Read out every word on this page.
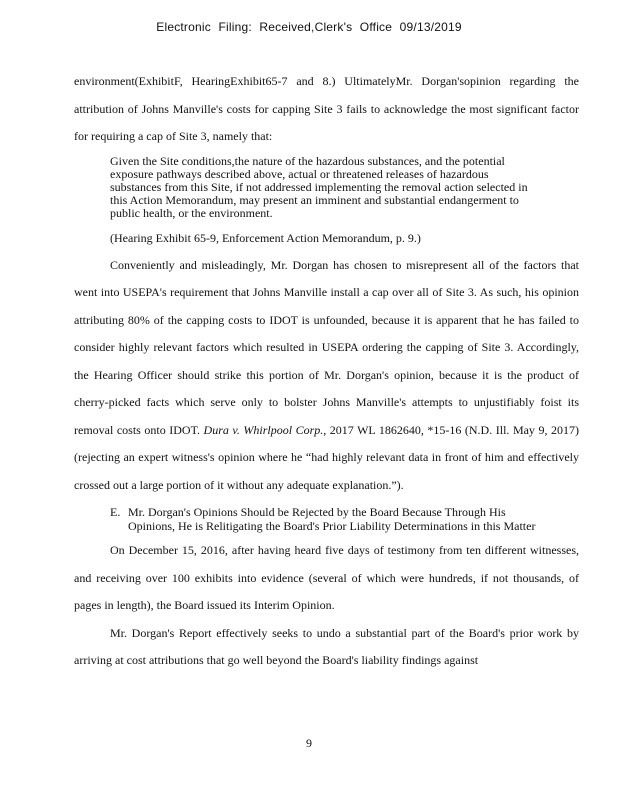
Electronic Filing: Received,Clerk's Office 09/13/2019

environment(ExhibitF, HearingExhibit65-7 and 8.) UltimatelyMr. Dorgan'sopinion regarding the attribution of Johns Manville's costs for capping Site 3 fails to acknowledge the most significant factor for requiring a cap of Site 3, namely that:

Given the Site conditions,the nature of the hazardous substances, and the potential exposure pathways described above, actual or threatened releases of hazardous substances from this Site, if not addressed implementing the removal action selected in this Action Memorandum, may present an imminent and substantial endangerment to public health, or the environment.
(Hearing Exhibit 65-9, Enforcement Action Memorandum, p. 9.)

Conveniently and misleadingly, Mr. Dorgan has chosen to misrepresent all of the factors that went into USEPA's requirement that Johns Manville install a cap over all of Site 3. As such, his opinion attributing 80% of the capping costs to IDOT is unfounded, because it is apparent that he has failed to consider highly relevant factors which resulted in USEPA ordering the capping of Site 3. Accordingly, the Hearing Officer should strike this portion of Mr. Dorgan's opinion, because it is the product of cherry-picked facts which serve only to bolster Johns Manville's attempts to unjustifiably foist its removal costs onto IDOT. Dura v. Whirlpool Corp., 2017 WL 1862640, *15-16 (N.D. Ill. May 9, 2017) (rejecting an expert witness's opinion where he “had highly relevant data in front of him and effectively crossed out a large portion of it without any adequate explanation.”).

E. Mr. Dorgan's Opinions Should be Rejected by the Board Because Through His
Opinions, He is Relitigating the Board's Prior Liability Determinations in this Matter

On December 15, 2016, after having heard five days of testimony from ten different witnesses, and receiving over 100 exhibits into evidence (several of which were hundreds, if not thousands, of pages in length), the Board issued its Interim Opinion.

Mr. Dorgan's Report effectively seeks to undo a substantial part of the Board's prior work by arriving at cost attributions that go well beyond the Board's liability findings against

9
